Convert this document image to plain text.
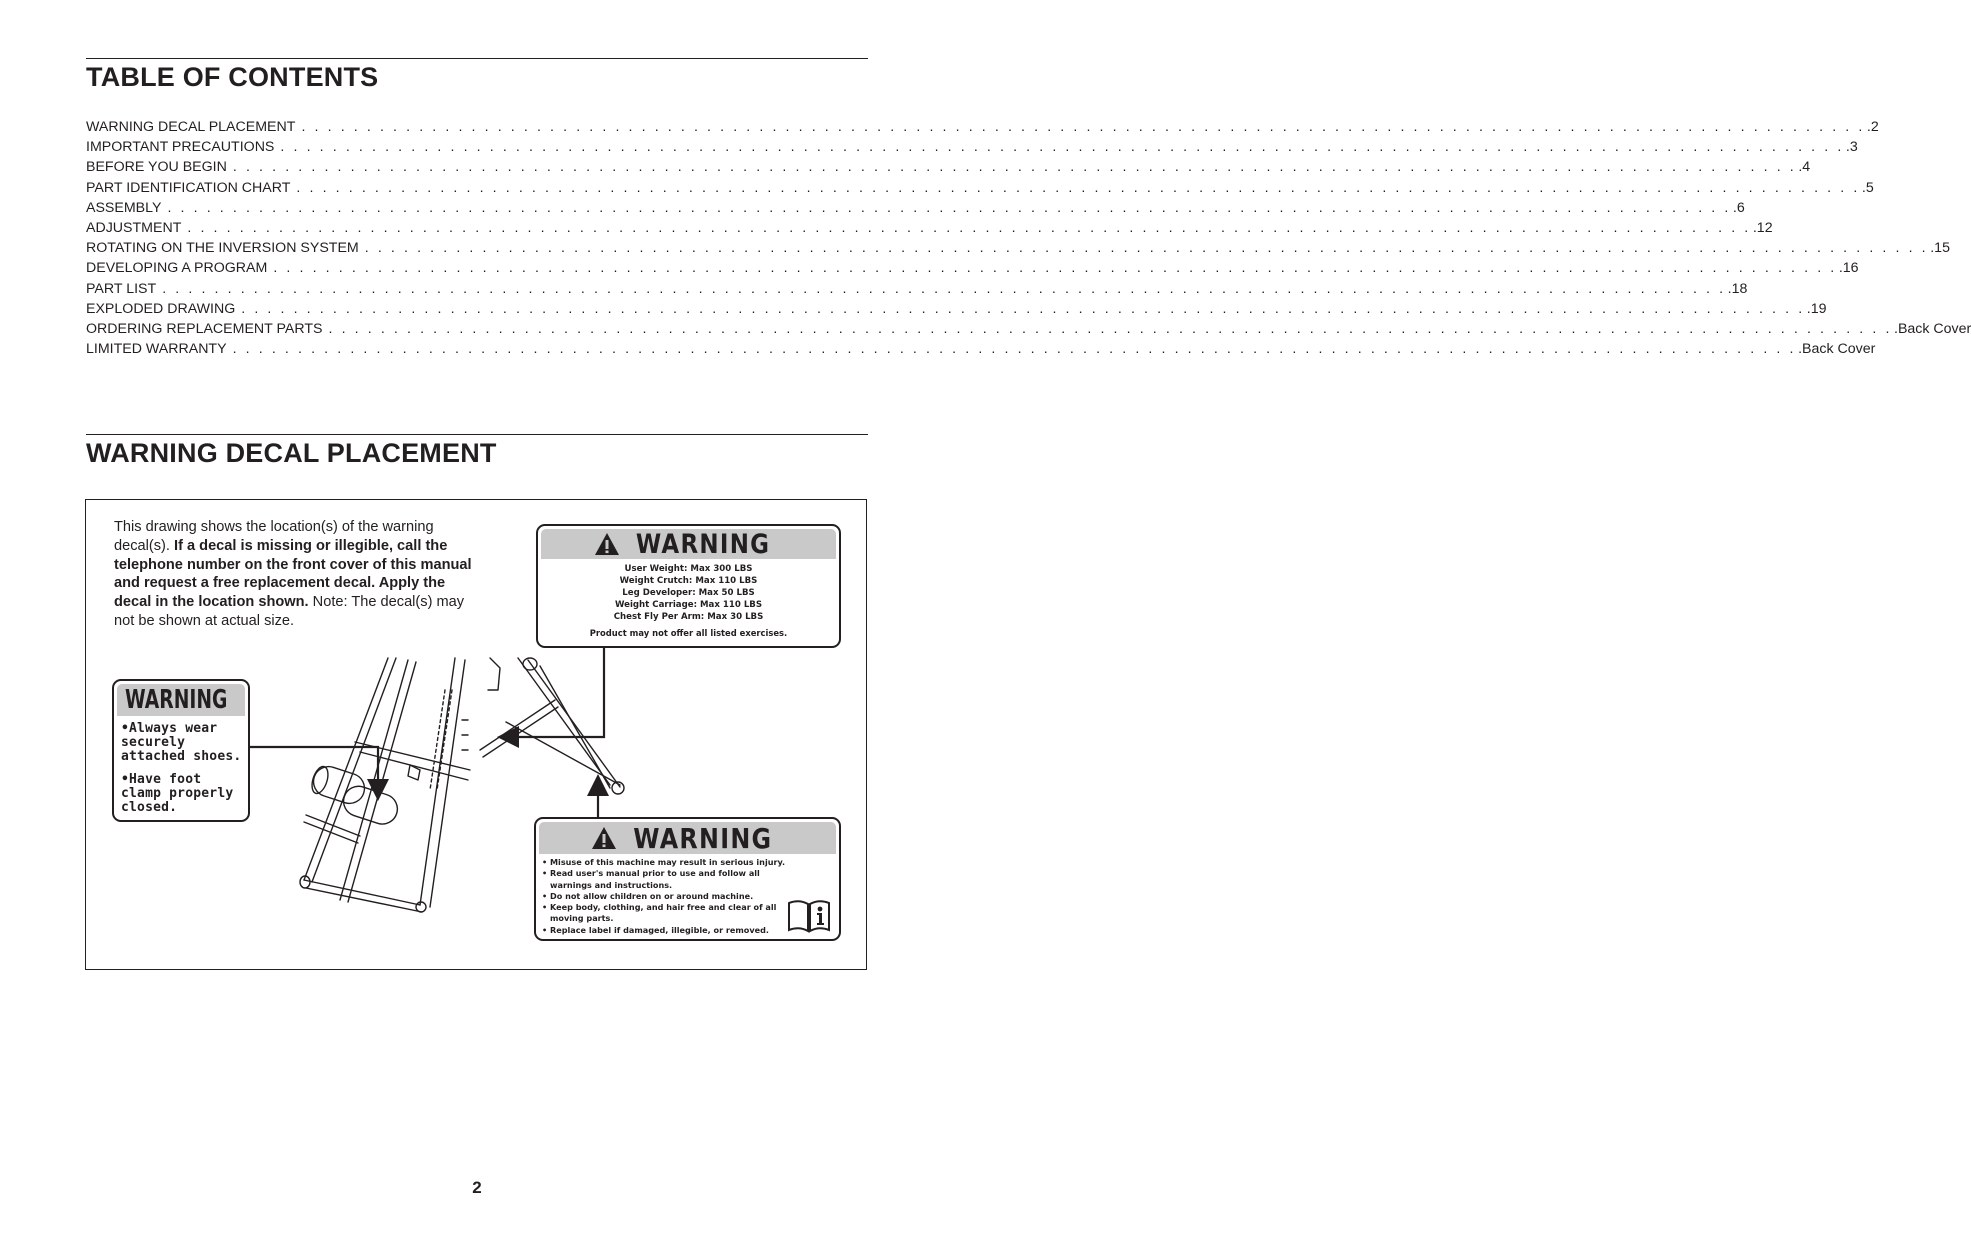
TABLE OF CONTENTS
WARNING DECAL PLACEMENT . . . . . . . . . . . . . . . . . . . . . . . . . . . . . . . . . . . . . . . . . . . . . . . . . . . . . . . . . . . . . . . . . . . . . . . . . . . . . . . . . . . . . . . . . . . . . . . . . . . . . . . . . . . . . . . . . . . . . . . . .2
IMPORTANT PRECAUTIONS . . . . . . . . . . . . . . . . . . . . . . . . . . . . . . . . . . . . . . . . . . . . . . . . . . . . . . . . . . . . . . . . . . . . . . . . . . . . . . . . . . . . . . . . . . . . . . . . . . . . . . . . . . . . . . . . . . . . . . . . .3
BEFORE YOU BEGIN . . . . . . . . . . . . . . . . . . . . . . . . . . . . . . . . . . . . . . . . . . . . . . . . . . . . . . . . . . . . . . . . . . . . . . . . . . . . . . . . . . . . . . . . . . . . . . . . . . . . . . . . . . . . . . . . . . . . . . . . .4
PART IDENTIFICATION CHART . . . . . . . . . . . . . . . . . . . . . . . . . . . . . . . . . . . . . . . . . . . . . . . . . . . . . . . . . . . . . . . . . . . . . . . . . . . . . . . . . . . . . . . . . . . . . . . . . . . . . . . . . . . . . . . . . . . . . . . . .5
ASSEMBLY . . . . . . . . . . . . . . . . . . . . . . . . . . . . . . . . . . . . . . . . . . . . . . . . . . . . . . . . . . . . . . . . . . . . . . . . . . . . . . . . . . . . . . . . . . . . . . . . . . . . . . . . . . . . . . . . . . . . . . . . .6
ADJUSTMENT . . . . . . . . . . . . . . . . . . . . . . . . . . . . . . . . . . . . . . . . . . . . . . . . . . . . . . . . . . . . . . . . . . . . . . . . . . . . . . . . . . . . . . . . . . . . . . . . . . . . . . . . . . . . . . . . . . . . . . . . .12
ROTATING ON THE INVERSION SYSTEM . . . . . . . . . . . . . . . . . . . . . . . . . . . . . . . . . . . . . . . . . . . . . . . . . . . . . . . . . . . . . . . . . . . . . . . . . . . . . . . . . . . . . . . . . . . . . . . . . . . . . . . . . . . . . . . . . . . . . . . . .15
DEVELOPING A PROGRAM . . . . . . . . . . . . . . . . . . . . . . . . . . . . . . . . . . . . . . . . . . . . . . . . . . . . . . . . . . . . . . . . . . . . . . . . . . . . . . . . . . . . . . . . . . . . . . . . . . . . . . . . . . . . . . . . . . . . . . . . .16
PART LIST . . . . . . . . . . . . . . . . . . . . . . . . . . . . . . . . . . . . . . . . . . . . . . . . . . . . . . . . . . . . . . . . . . . . . . . . . . . . . . . . . . . . . . . . . . . . . . . . . . . . . . . . . . . . . . . . . . . . . . . . .18
EXPLODED DRAWING . . . . . . . . . . . . . . . . . . . . . . . . . . . . . . . . . . . . . . . . . . . . . . . . . . . . . . . . . . . . . . . . . . . . . . . . . . . . . . . . . . . . . . . . . . . . . . . . . . . . . . . . . . . . . . . . . . . . . . . . .19
ORDERING REPLACEMENT PARTS . . . . . . . . . . . . . . . . . . . . . . . . . . . . . . . . . . . . . . . . . . . . . . . . . . . . . . . . . . . . . . . . . . . . . . . . . . . . . . . . . . . . . . . . . . . . . . . . . . . . . . . . . . . . . . . . . . . . . . . . .Back Cover
LIMITED WARRANTY . . . . . . . . . . . . . . . . . . . . . . . . . . . . . . . . . . . . . . . . . . . . . . . . . . . . . . . . . . . . . . . . . . . . . . . . . . . . . . . . . . . . . . . . . . . . . . . . . . . . . . . . . . . . . . . . . . . . . . . . .Back Cover
WARNING DECAL PLACEMENT

This drawing shows the location(s) of the warning decal(s). If a decal is missing or illegible, call the telephone number on the front cover of this manual and request a free replacement decal. Apply the decal in the location shown. Note: The decal(s) may not be shown at actual size.

WARNING
User Weight: Max 300 LBS
Weight Crutch: Max 110 LBS
Leg Developer: Max 50 LBS
Weight Carriage: Max 110 LBS
Chest Fly Per Arm: Max 30 LBS
Product may not offer all listed exercises.
WARNING
•Always wear securely attached shoes.
•Have foot clamp properly closed.
WARNING
• Misuse of this machine may result in serious injury.
• Read user's manual prior to use and follow all warnings and instructions.
• Do not allow children on or around machine.
• Keep body, clothing, and hair free and clear of all moving parts.
• Replace label if damaged, illegible, or removed.
2
